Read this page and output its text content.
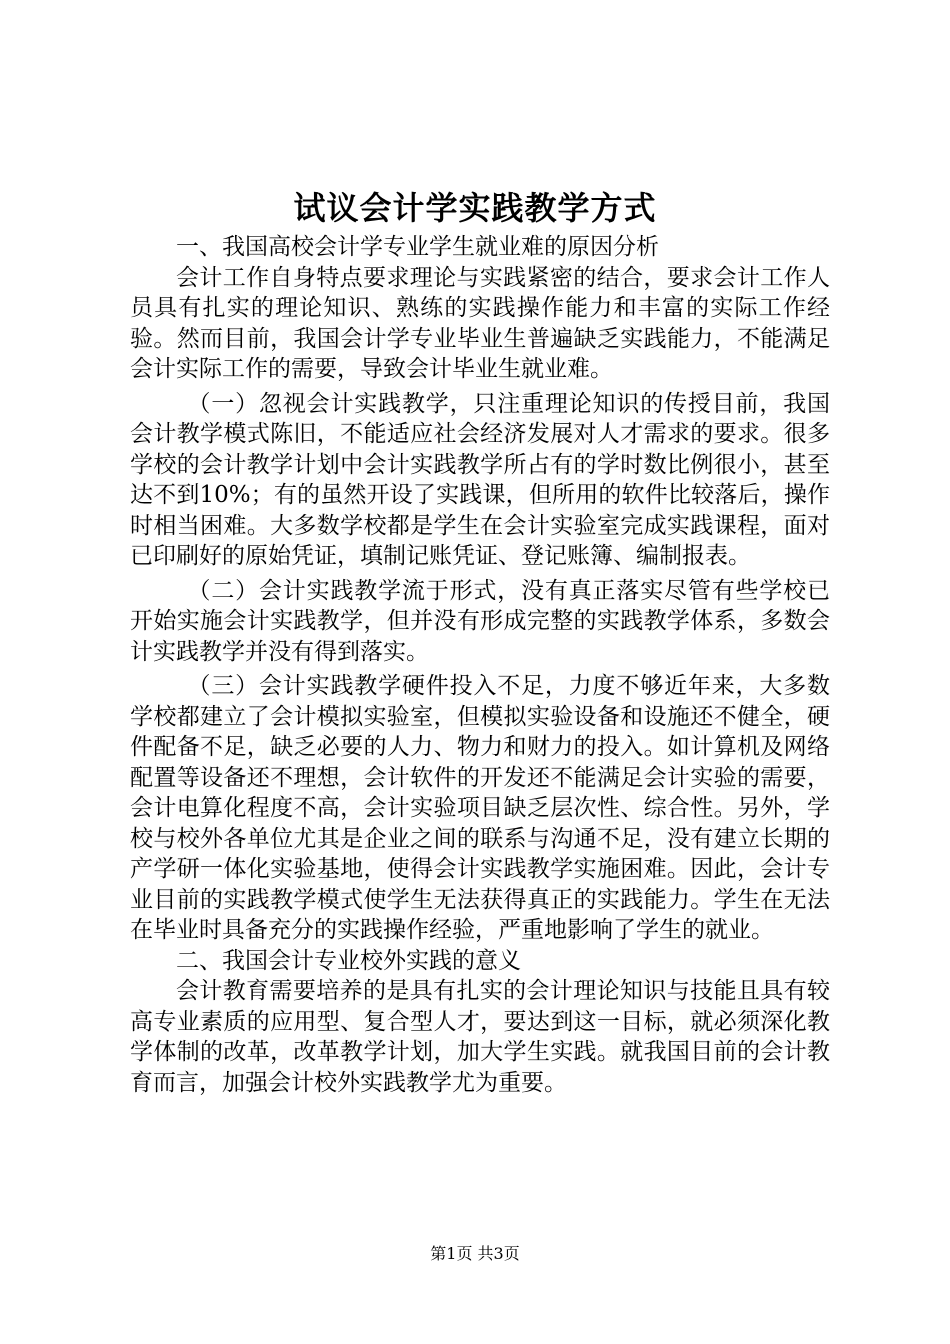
试议会计学实践教学方式

一、我国高校会计学专业学生就业难的原因分析

会计工作自身特点要求理论与实践紧密的结合，要求会计工作人员具有扎实的理论知识、熟练的实践操作能力和丰富的实际工作经验。然而目前，我国会计学专业毕业生普遍缺乏实践能力，不能满足会计实际工作的需要，导致会计毕业生就业难。

（一）忽视会计实践教学，只注重理论知识的传授目前，我国会计教学模式陈旧，不能适应社会经济发展对人才需求的要求。很多学校的会计教学计划中会计实践教学所占有的学时数比例很小，甚至达不到10%；有的虽然开设了实践课，但所用的软件比较落后，操作时相当困难。大多数学校都是学生在会计实验室完成实践课程，面对已印刷好的原始凭证，填制记账凭证、登记账簿、编制报表。

（二）会计实践教学流于形式，没有真正落实尽管有些学校已开始实施会计实践教学，但并没有形成完整的实践教学体系，多数会计实践教学并没有得到落实。

（三）会计实践教学硬件投入不足，力度不够近年来，大多数学校都建立了会计模拟实验室，但模拟实验设备和设施还不健全，硬件配备不足，缺乏必要的人力、物力和财力的投入。如计算机及网络配置等设备还不理想，会计软件的开发还不能满足会计实验的需要，会计电算化程度不高，会计实验项目缺乏层次性、综合性。另外，学校与校外各单位尤其是企业之间的联系与沟通不足，没有建立长期的产学研一体化实验基地，使得会计实践教学实施困难。因此，会计专业目前的实践教学模式使学生无法获得真正的实践能力。学生在无法在毕业时具备充分的实践操作经验，严重地影响了学生的就业。

二、我国会计专业校外实践的意义

会计教育需要培养的是具有扎实的会计理论知识与技能且具有较高专业素质的应用型、复合型人才，要达到这一目标，就必须深化教学体制的改革，改革教学计划，加大学生实践。就我国目前的会计教育而言，加强会计校外实践教学尤为重要。

第1页 共3页
